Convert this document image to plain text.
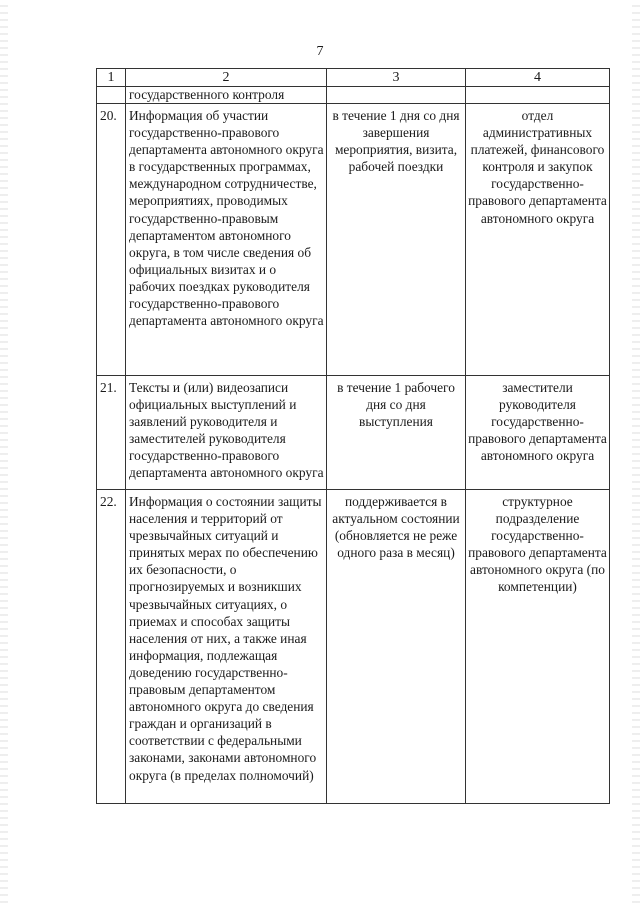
7
1	2	3	4
	государственного контроля		
20.	Информация об участии государственно-правового департамента автономного округа в государственных программах, международном сотрудничестве, мероприятиях, проводимых государственно-правовым департаментом автономного округа, в том числе сведения об официальных визитах и о рабочих поездках руководителя государственно-правового департамента автономного округа	в течение 1 дня со дня завершения мероприятия, визита, рабочей поездки	отдел административных платежей, финансового контроля и закупок государственно-правового департамента автономного округа
21.	Тексты и (или) видеозаписи официальных выступлений и заявлений руководителя и заместителей руководителя государственно-правового департамента автономного округа	в течение 1 рабочего дня со дня выступления	заместители руководителя государственно-правового департамента автономного округа
22.	Информация о состоянии защиты населения и территорий от чрезвычайных ситуаций и принятых мерах по обеспечению их безопасности, о прогнозируемых и возникших чрезвычайных ситуациях, о приемах и способах защиты населения от них, а также иная информация, подлежащая доведению государственно-правовым департаментом автономного округа до сведения граждан и организаций в соответствии с федеральными законами, законами автономного округа (в пределах полномочий)	поддерживается в актуальном состоянии (обновляется не реже одного раза в месяц)	структурное подразделение государственно-правового департамента автономного округа (по компетенции)
